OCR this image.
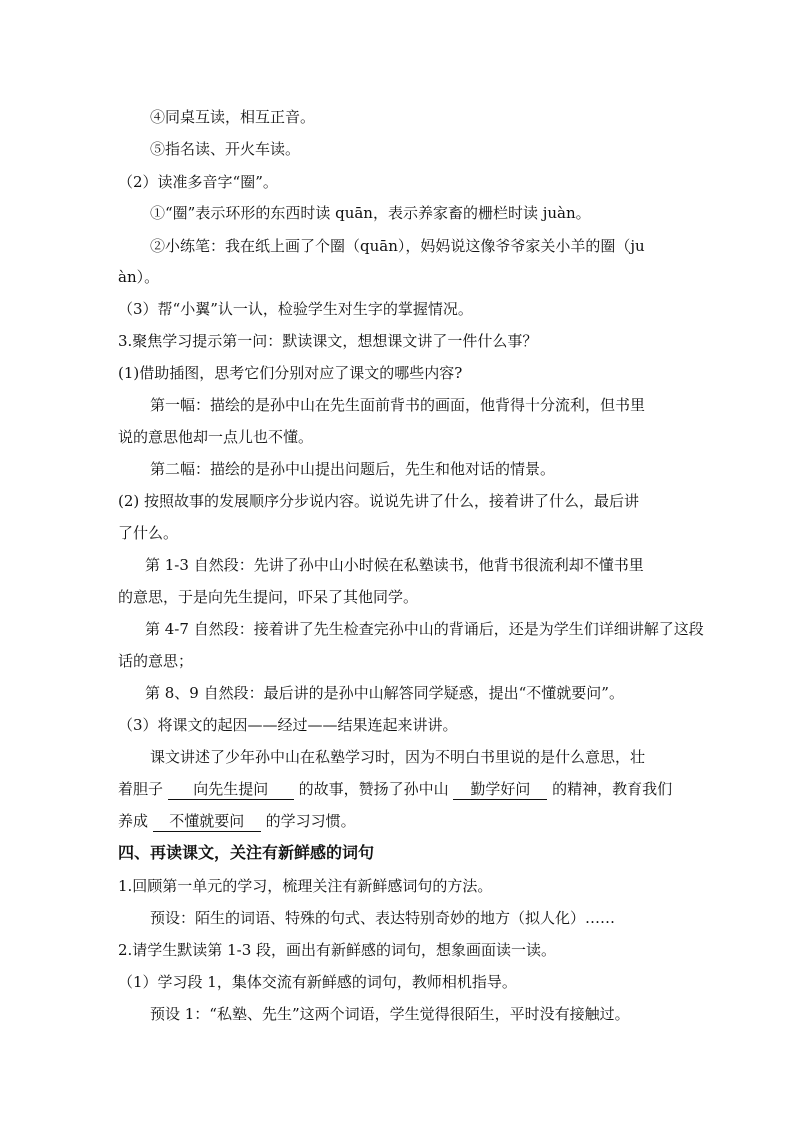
④同桌互读，相互正音。
⑤指名读、开火车读。
（2）读准多音字“圈”。
①“圈”表示环形的东西时读 quān，表示养家畜的栅栏时读 juàn。
②小练笔：我在纸上画了个圈（quān），妈妈说这像爷爷家关小羊的圈（ju
àn）。
（3）帮“小翼”认一认，检验学生对生字的掌握情况。
3.聚焦学习提示第一问：默读课文，想想课文讲了一件什么事？
(1)借助插图，思考它们分别对应了课文的哪些内容?
第一幅：描绘的是孙中山在先生面前背书的画面，他背得十分流利，但书里
说的意思他却一点儿也不懂。
第二幅：描绘的是孙中山提出问题后，先生和他对话的情景。
(2) 按照故事的发展顺序分步说内容。说说先讲了什么，接着讲了什么，最后讲
了什么。
第 1-3 自然段：先讲了孙中山小时候在私塾读书，他背书很流利却不懂书里
的意思，于是向先生提问，吓呆了其他同学。
第 4-7 自然段：接着讲了先生检查完孙中山的背诵后，还是为学生们详细讲解了这段
话的意思；
第 8、9 自然段：最后讲的是孙中山解答同学疑惑，提出“不懂就要问”。
（3）将课文的起因——经过——结果连起来讲讲。
课文讲述了少年孙中山在私塾学习时，因为不明白书里说的是什么意思，壮
着胆子 向先生提问 的故事，赞扬了孙中山 勤学好问 的精神，教育我们
养成 不懂就要问 的学习习惯。
四、再读课文，关注有新鲜感的词句
1.回顾第一单元的学习，梳理关注有新鲜感词句的方法。
预设：陌生的词语、特殊的句式、表达特别奇妙的地方（拟人化）……
2.请学生默读第 1-3 段，画出有新鲜感的词句，想象画面读一读。
（1）学习段 1，集体交流有新鲜感的词句，教师相机指导。
预设 1：“私塾、先生”这两个词语，学生觉得很陌生，平时没有接触过。
